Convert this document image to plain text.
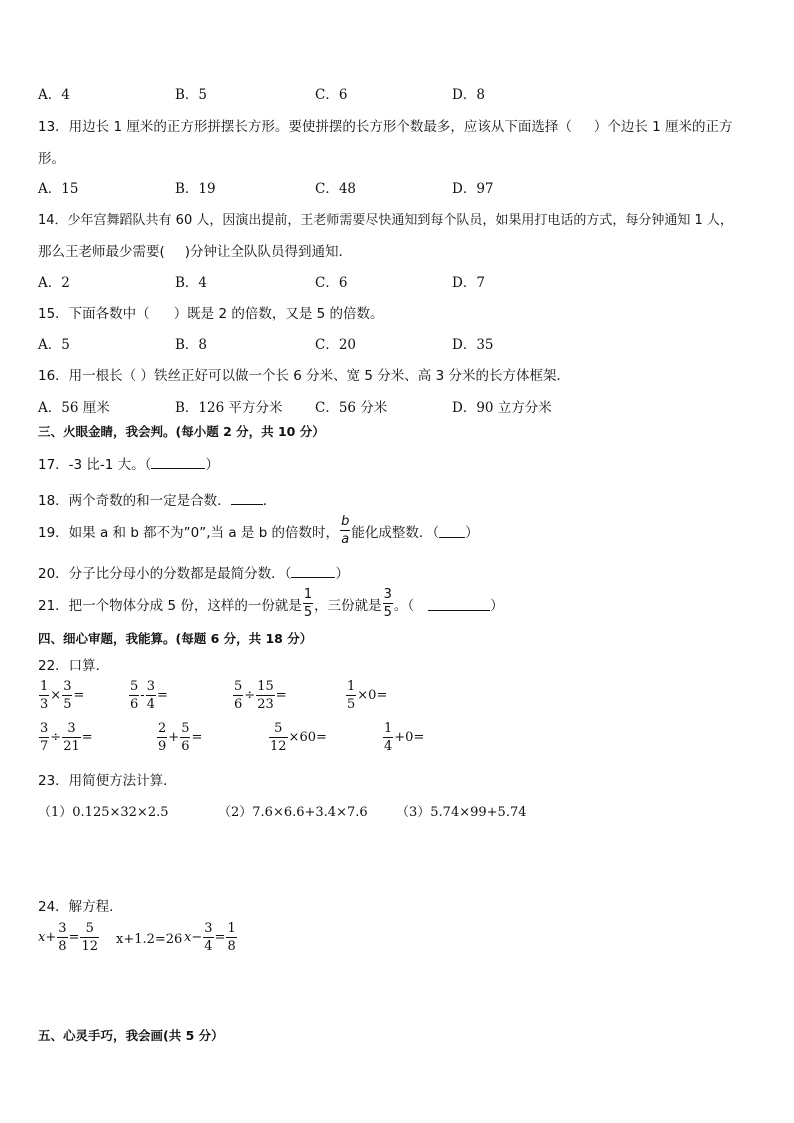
A．4	B．5	C．6	D．8
13．用边长 1 厘米的正方形拼摆长方形。要使拼摆的长方形个数最多，应该从下面选择（ ）个边长 1 厘米的正方
形。
A．15	B．19	C．48	D．97
14．少年宫舞蹈队共有 60 人，因演出提前，王老师需要尽快通知到每个队员，如果用打电话的方式，每分钟通知 1 人，
那么王老师最少需要( )分钟让全队队员得到通知．
A．2	B．4	C．6	D．7
15．下面各数中（ ）既是 2 的倍数，又是 5 的倍数。
A．5	B．8	C．20	D．35
16．用一根长（ ）铁丝正好可以做一个长 6 分米、宽 5 分米、高 3 分米的长方体框架．
A．56 厘米	B．126 平方分米 C．56 分米	D．90 立方分米
三、火眼金睛，我会判。(每小题 2 分，共 10 分）
17．-3 比-1 大。（	）
18．两个奇数的和一定是合数． ．
19．如果 a 和 b 都不为”0”,当 a 是 b 的倍数时， $\frac{b}{a}$ 能化成整数．（ ）
20．分子比分母小的分数都是最简分数．（	）
21．把一个物体分成 5 份，这样的一份就是 $\frac{1}{5}$ ，三份就是 $\frac{3}{5}$ 。（	）
四、细心审题，我能算。(每题 6 分，共 18 分）
22．口算．
$\frac{1}{3} \times \frac{3}{5}$ =	$\frac{5}{6} - \frac{3}{4}$ =	$\frac{5}{6} \div \frac{15}{23}$ =	$\frac{1}{5} \times 0=$
$\frac{3}{7} \div \frac{3}{21}$ =	$\frac{2}{9} + \frac{5}{6}$ =	$\frac{5}{12} \times 60=$	$\frac{1}{4} +0=$
23．用简便方法计算．
（1）0.125×32×2.5	（2）7.6×6.6+3.4×7.6 （3）5.74×99+5.74
24．解方程．
$x + \frac{3}{8} = \frac{5}{12} x+1.2=26$ $x - \frac{3}{4} = \frac{1}{8}$
五、心灵手巧，我会画(共 5 分）
